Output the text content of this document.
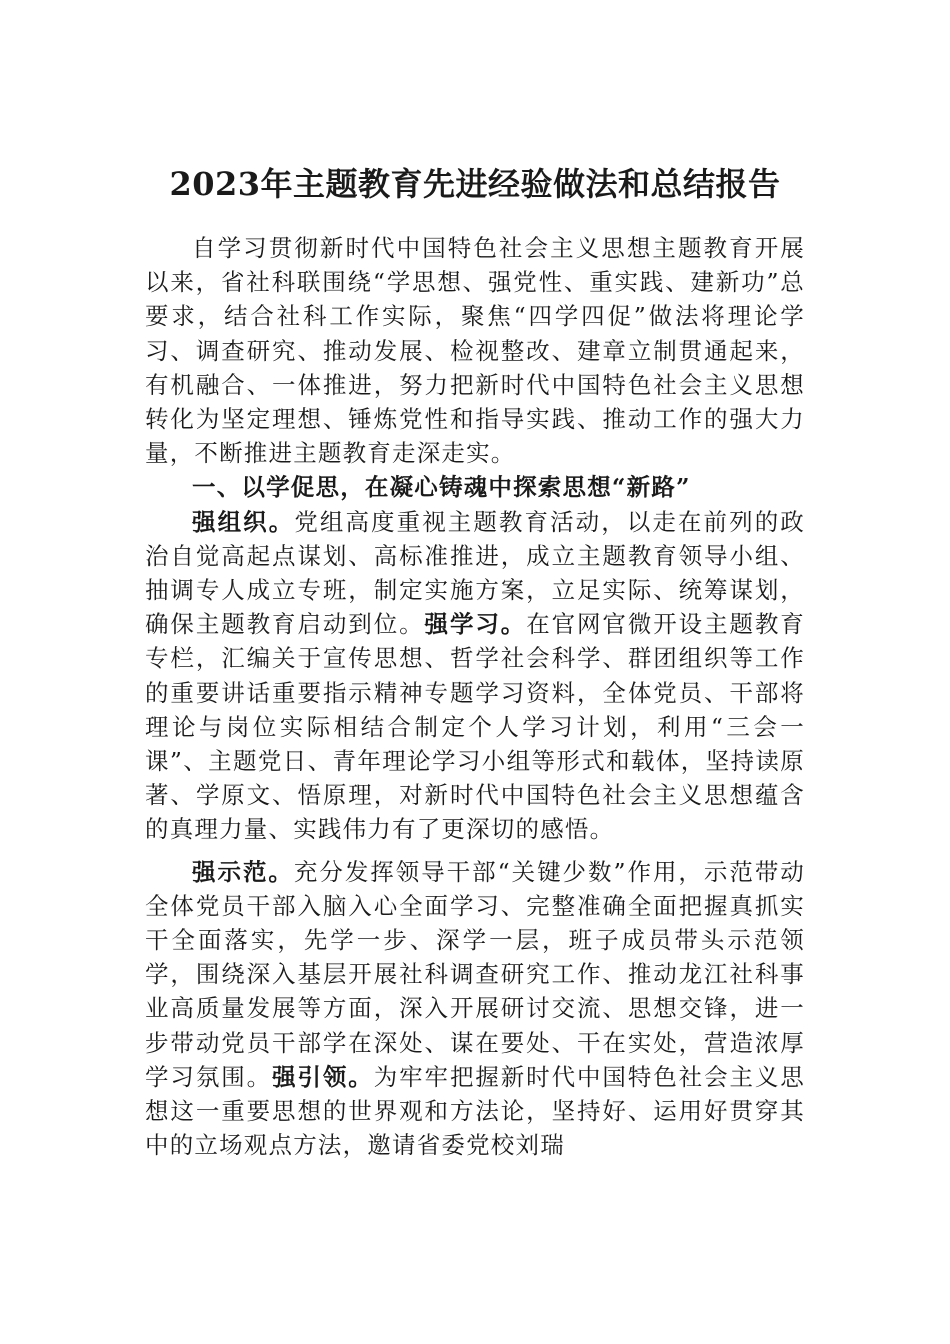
2023年主题教育先进经验做法和总结报告

自学习贯彻新时代中国特色社会主义思想主题教育开展以来，省社科联围绕“学思想、强党性、重实践、建新功”总要求，结合社科工作实际，聚焦“四学四促”做法将理论学习、调查研究、推动发展、检视整改、建章立制贯通起来，有机融合、一体推进，努力把新时代中国特色社会主义思想转化为坚定理想、锤炼党性和指导实践、推动工作的强大力量，不断推进主题教育走深走实。

一、以学促思，在凝心铸魂中探索思想“新路”

强组织。党组高度重视主题教育活动，以走在前列的政治自觉高起点谋划、高标准推进，成立主题教育领导小组、抽调专人成立专班，制定实施方案，立足实际、统筹谋划，确保主题教育启动到位。强学习。在官网官微开设主题教育专栏，汇编关于宣传思想、哲学社会科学、群团组织等工作的重要讲话重要指示精神专题学习资料，全体党员、干部将理论与岗位实际相结合制定个人学习计划，利用“三会一课”、主题党日、青年理论学习小组等形式和载体，坚持读原著、学原文、悟原理，对新时代中国特色社会主义思想蕴含的真理力量、实践伟力有了更深切的感悟。

强示范。充分发挥领导干部“关键少数”作用，示范带动全体党员干部入脑入心全面学习、完整准确全面把握真抓实干全面落实，先学一步、深学一层，班子成员带头示范领学，围绕深入基层开展社科调查研究工作、推动龙江社科事业高质量发展等方面，深入开展研讨交流、思想交锋，进一步带动党员干部学在深处、谋在要处、干在实处，营造浓厚学习氛围。强引领。为牢牢把握新时代中国特色社会主义思想这一重要思想的世界观和方法论，坚持好、运用好贯穿其中的立场观点方法，邀请省委党校刘瑞
